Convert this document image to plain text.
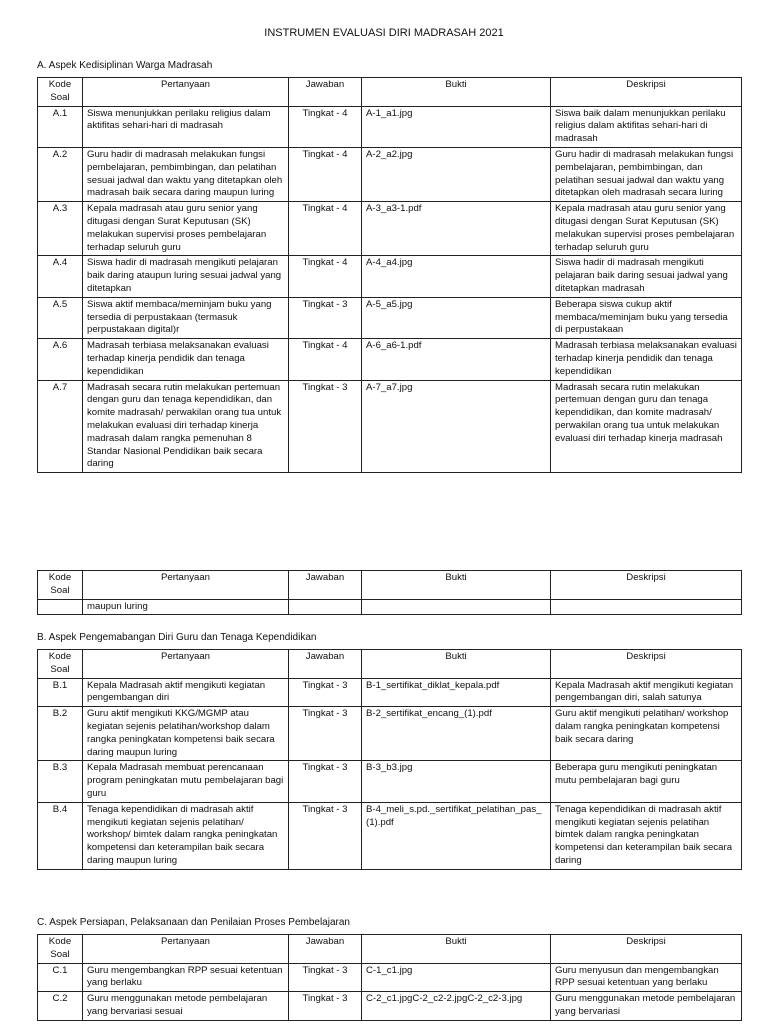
INSTRUMEN EVALUASI DIRI MADRASAH 2021
A. Aspek Kedisiplinan Warga Madrasah
Kode Soal	Pertanyaan	Jawaban	Bukti	Deskripsi
A.1	Siswa menunjukkan perilaku religius dalam aktifitas sehari-hari di madrasah	Tingkat - 4	A-1_a1.jpg	Siswa baik dalam menunjukkan perilaku religius dalam aktifitas sehari-hari di madrasah
A.2	Guru hadir di madrasah melakukan fungsi pembelajaran, pembimbingan, dan pelatihan sesuai jadwal dan waktu yang ditetapkan oleh madrasah baik secara daring maupun luring	Tingkat - 4	A-2_a2.jpg	Guru hadir di madrasah melakukan fungsi pembelajaran, pembimbingan, dan pelatihan sesuai jadwal dan waktu yang ditetapkan oleh madrasah secara luring
A.3	Kepala madrasah atau guru senior yang ditugasi dengan Surat Keputusan (SK) melakukan supervisi proses pembelajaran terhadap seluruh guru	Tingkat - 4	A-3_a3-1.pdf	Kepala madrasah atau guru senior yang ditugasi dengan Surat Keputusan (SK) melakukan supervisi proses pembelajaran terhadap seluruh guru
A.4	Siswa hadir di madrasah mengikuti pelajaran baik daring ataupun luring sesuai jadwal yang ditetapkan	Tingkat - 4	A-4_a4.jpg	Siswa hadir di madrasah mengikuti pelajaran baik daring sesuai jadwal yang ditetapkan madrasah
A.5	Siswa aktif membaca/meminjam buku yang tersedia di perpustakaan (termasuk perpustakaan digital)r	Tingkat - 3	A-5_a5.jpg	Beberapa siswa cukup aktif membaca/meminjam buku yang tersedia di perpustakaan
A.6	Madrasah terbiasa melaksanakan evaluasi terhadap kinerja pendidik dan tenaga kependidikan	Tingkat - 4	A-6_a6-1.pdf	Madrasah terbiasa melaksanakan evaluasi terhadap kinerja pendidik dan tenaga kependidikan
A.7	Madrasah secara rutin melakukan pertemuan dengan guru dan tenaga kependidikan, dan komite madrasah/ perwakilan orang tua untuk melakukan evaluasi diri terhadap kinerja madrasah dalam rangka pemenuhan 8 Standar Nasional Pendidikan baik secara daring	Tingkat - 3	A-7_a7.jpg	Madrasah secara rutin melakukan pertemuan dengan guru dan tenaga kependidikan, dan komite madrasah/ perwakilan orang tua untuk melakukan evaluasi diri terhadap kinerja madrasah
Kode Soal	Pertanyaan	Jawaban	Bukti	Deskripsi
	maupun luring			
B. Aspek Pengemabangan Diri Guru dan Tenaga Kependidikan
Kode Soal	Pertanyaan	Jawaban	Bukti	Deskripsi
B.1	Kepala Madrasah aktif mengikuti kegiatan pengembangan diri	Tingkat - 3	B-1_sertifikat_diklat_kepala.pdf	Kepala Madrasah aktif mengikuti kegiatan pengembangan diri, salah satunya
B.2	Guru aktif mengikuti KKG/MGMP atau kegiatan sejenis pelatihan/workshop dalam rangka peningkatan kompetensi baik secara daring maupun luring	Tingkat - 3	B-2_sertifikat_encang_(1).pdf	Guru aktif mengikuti pelatihan/ workshop dalam rangka peningkatan kompetensi baik secara daring
B.3	Kepala Madrasah membuat perencanaan program peningkatan mutu pembelajaran bagi guru	Tingkat - 3	B-3_b3.jpg	Beberapa guru mengikuti peningkatan mutu pembelajaran bagi guru
B.4	Tenaga kependidikan di madrasah aktif mengikuti kegiatan sejenis pelatihan/ workshop/ bimtek dalam rangka peningkatan kompetensi dan keterampilan baik secara daring maupun luring	Tingkat - 3	B-4_meli_s.pd._sertifikat_pelatihan_pas_(1).pdf	Tenaga kependidikan di madrasah aktif mengikuti kegiatan sejenis pelatihan bimtek dalam rangka peningkatan kompetensi dan keterampilan baik secara daring
C. Aspek Persiapan, Pelaksanaan dan Penilaian Proses Pembelajaran
Kode Soal	Pertanyaan	Jawaban	Bukti	Deskripsi
C.1	Guru mengembangkan RPP sesuai ketentuan yang berlaku	Tingkat - 3	C-1_c1.jpg	Guru menyusun dan mengembangkan RPP sesuai ketentuan yang berlaku
C.2	Guru menggunakan metode pembelajaran yang bervariasi sesuai	Tingkat - 3	C-2_c1.jpgC-2_c2-2.jpgC-2_c2-3.jpg	Guru menggunakan metode pembelajaran yang bervariasi
